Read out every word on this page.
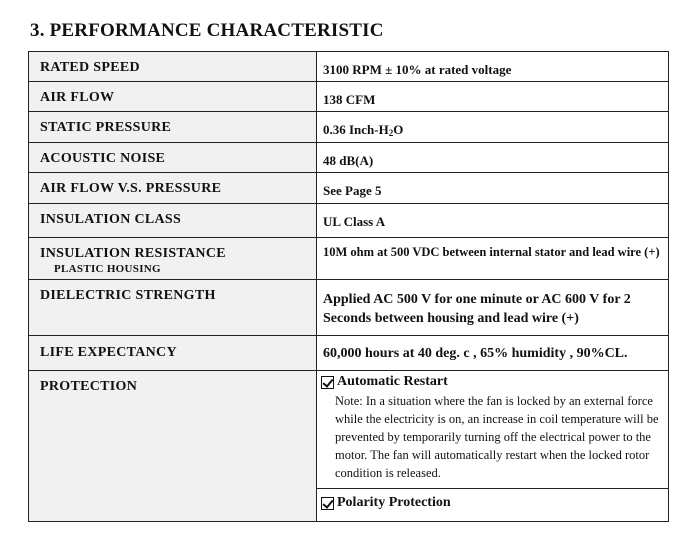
3. PERFORMANCE CHARACTERISTIC
RATED SPEED	3100 RPM ± 10% at rated voltage

AIR FLOW	138 CFM

STATIC PRESSURE	0.36 Inch-H2O

ACOUSTIC NOISE	48 dB(A)

AIR FLOW V.S. PRESSURE	See Page 5

INSULATION CLASS	UL Class A

INSULATION RESISTANCE
PLASTIC HOUSING	10M ohm at 500 VDC between internal stator and lead wire (+)

DIELECTRIC STRENGTH	Applied AC 500 V for one minute or AC 600 V for 2 Seconds between housing and lead wire (+)

LIFE EXPECTANCY	60,000 hours at 40 deg. c , 65% humidity , 90%CL.

PROTECTION	Automatic Restart
Note: In a situation where the fan is locked by an external force while the electricity is on, an increase in coil temperature will be prevented by temporarily turning off the electrical power to the motor. The fan will automatically restart when the locked rotor condition is released.
Polarity Protection
